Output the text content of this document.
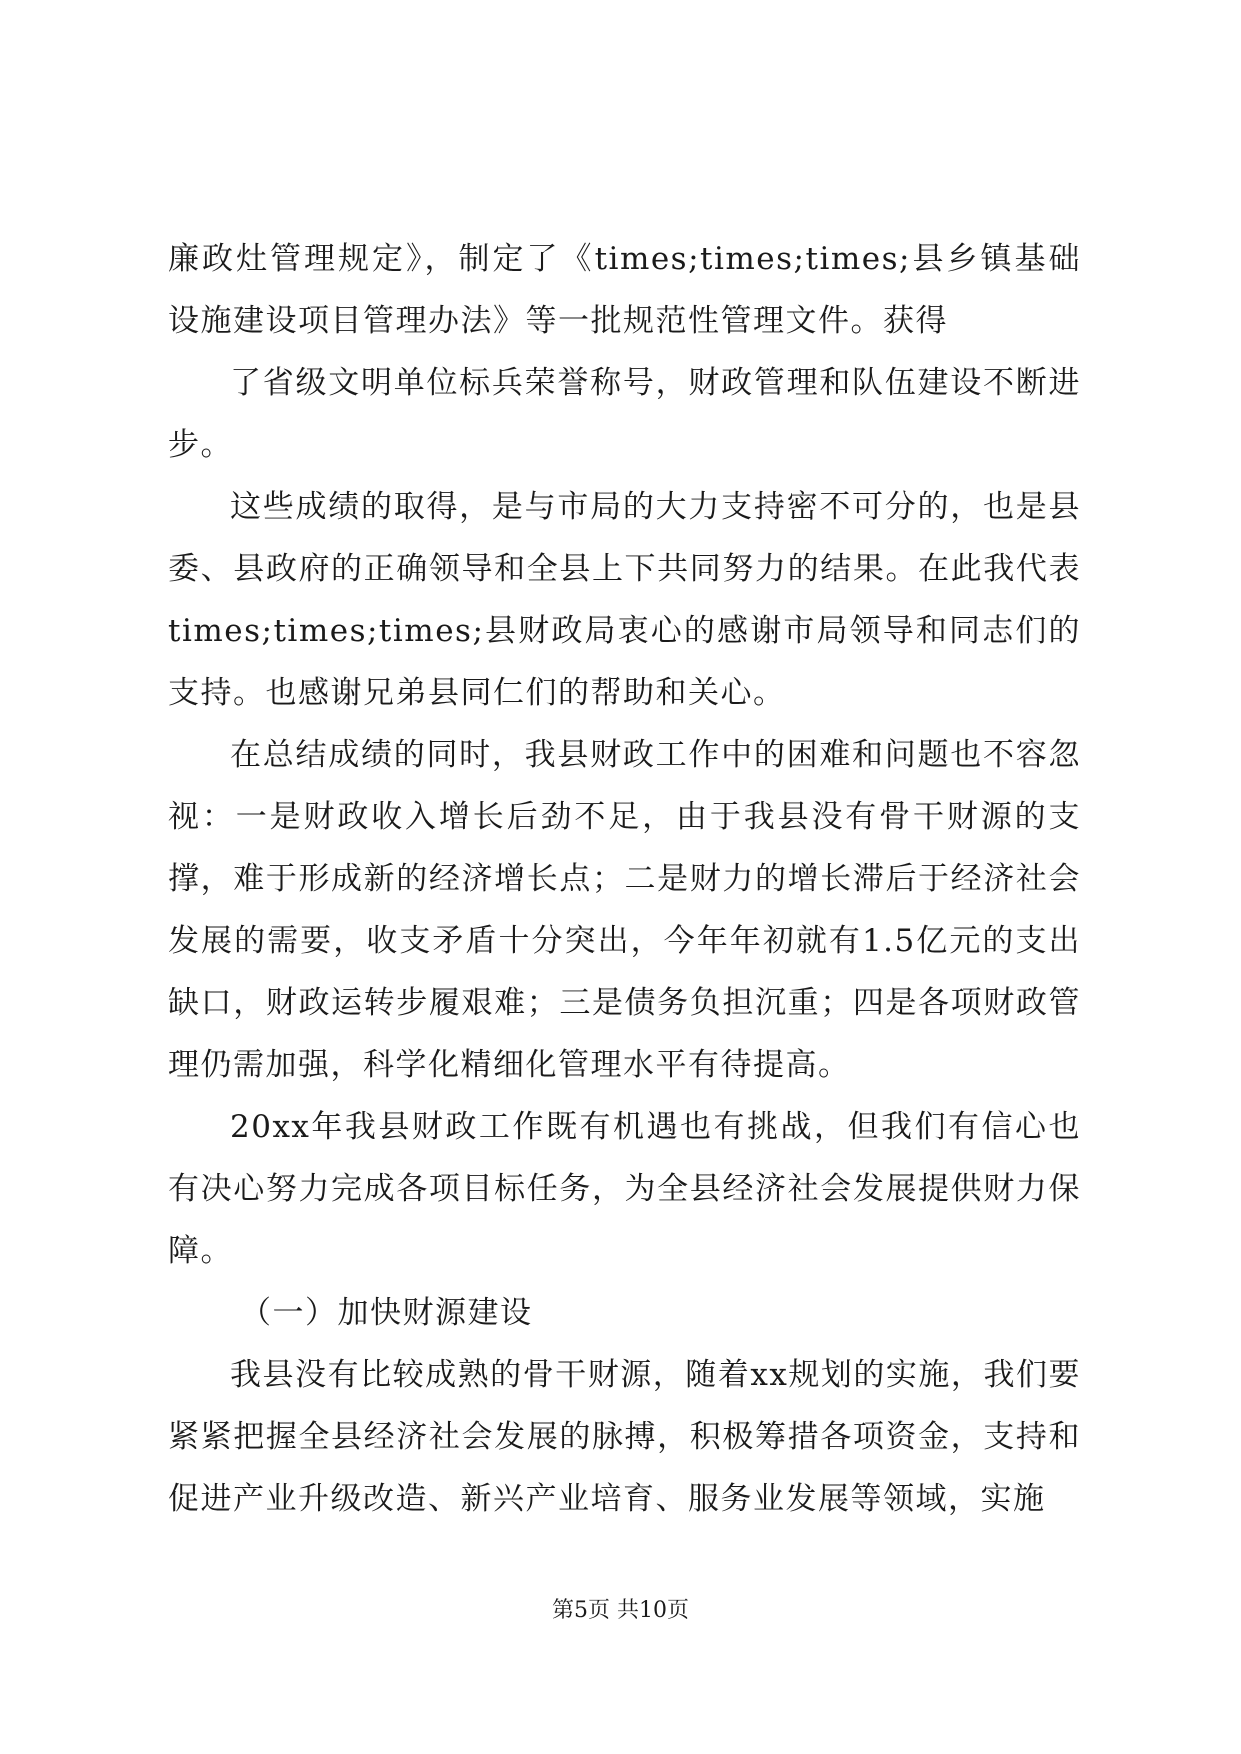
廉政灶管理规定》，制定了《times;times;times;县乡镇基础设施建设项目管理办法》等一批规范性管理文件。获得

了省级文明单位标兵荣誉称号，财政管理和队伍建设不断进步。

这些成绩的取得，是与市局的大力支持密不可分的，也是县委、县政府的正确领导和全县上下共同努力的结果。在此我代表times;times;times;县财政局衷心的感谢市局领导和同志们的支持。也感谢兄弟县同仁们的帮助和关心。

在总结成绩的同时，我县财政工作中的困难和问题也不容忽视：一是财政收入增长后劲不足，由于我县没有骨干财源的支撑，难于形成新的经济增长点；二是财力的增长滞后于经济社会发展的需要，收支矛盾十分突出，今年年初就有1.5亿元的支出缺口，财政运转步履艰难；三是债务负担沉重；四是各项财政管理仍需加强，科学化精细化管理水平有待提高。

20xx年我县财政工作既有机遇也有挑战，但我们有信心也有决心努力完成各项目标任务，为全县经济社会发展提供财力保障。

（一）加快财源建设

我县没有比较成熟的骨干财源，随着xx规划的实施，我们要紧紧把握全县经济社会发展的脉搏，积极筹措各项资金，支持和促进产业升级改造、新兴产业培育、服务业发展等领域，实施

第5页 共10页
